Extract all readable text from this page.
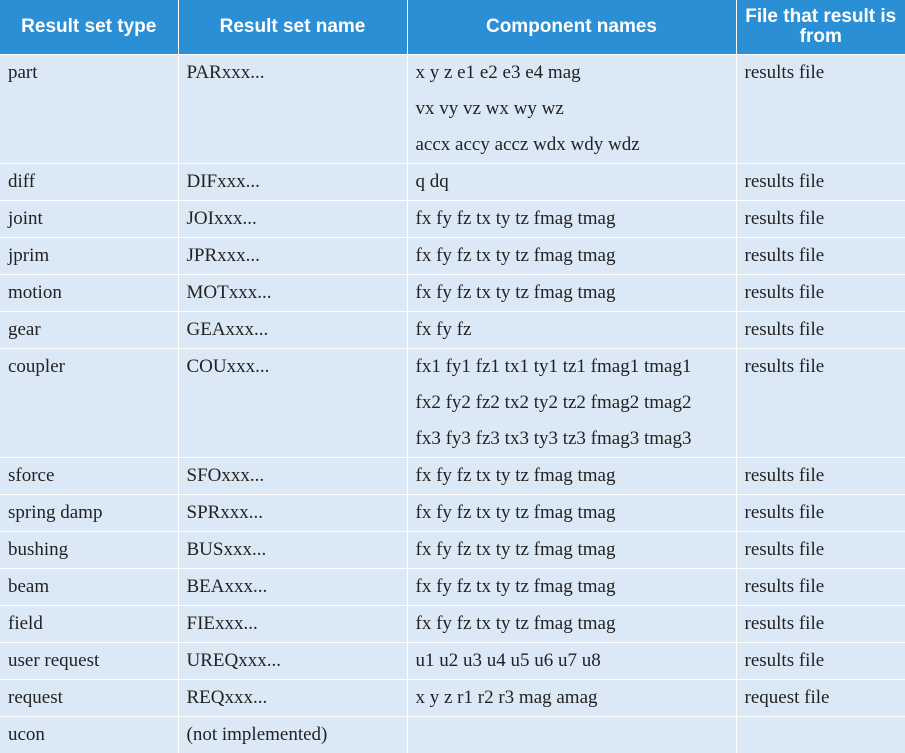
Result set type	Result set name	Component names	File that result is from

part	PARxxx...	x y z e1 e2 e3 e4 mag
vx vy vz wx wy wz
accx accy accz wdx wdy wdz	results file

diff	DIFxxx...	q dq	results file

joint	JOIxxx...	fx fy fz tx ty tz fmag tmag	results file

jprim	JPRxxx...	fx fy fz tx ty tz fmag tmag	results file

motion	MOTxxx...	fx fy fz tx ty tz fmag tmag	results file

gear	GEAxxx...	fx fy fz	results file

coupler	COUxxx...	fx1 fy1 fz1 tx1 ty1 tz1 fmag1 tmag1
fx2 fy2 fz2 tx2 ty2 tz2 fmag2 tmag2
fx3 fy3 fz3 tx3 ty3 tz3 fmag3 tmag3	results file

sforce	SFOxxx...	fx fy fz tx ty tz fmag tmag	results file

spring damp	SPRxxx...	fx fy fz tx ty tz fmag tmag	results file

bushing	BUSxxx...	fx fy fz tx ty tz fmag tmag	results file

beam	BEAxxx...	fx fy fz tx ty tz fmag tmag	results file

field	FIExxx...	fx fy fz tx ty tz fmag tmag	results file

user request	UREQxxx...	u1 u2 u3 u4 u5 u6 u7 u8	results file

request	REQxxx...	x y z r1 r2 r3 mag amag	request file

ucon	(not implemented)		
